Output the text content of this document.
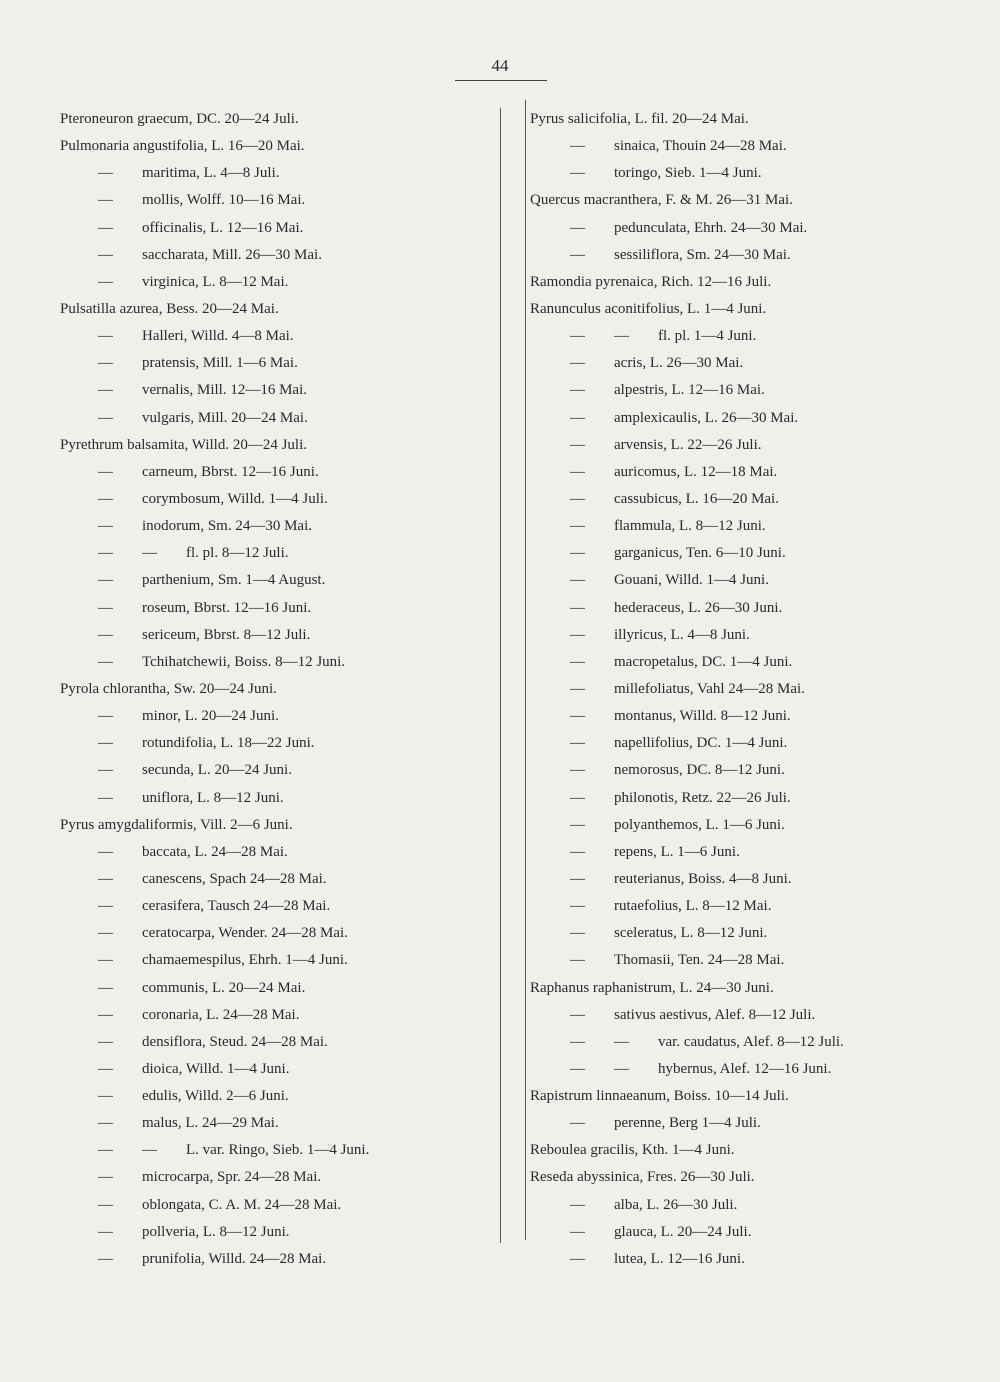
44
Pteroneuron graecum, DC. 20—24 Juli.
Pulmonaria angustifolia, L. 16—20 Mai.
—
maritima, L. 4—8 Juli.
—
mollis, Wolff. 10—16 Mai.
—
officinalis, L. 12—16 Mai.
—
saccharata, Mill. 26—30 Mai.
—
virginica, L. 8—12 Mai.
Pulsatilla azurea, Bess. 20—24 Mai.
—
Halleri, Willd. 4—8 Mai.
—
pratensis, Mill. 1—6 Mai.
—
vernalis, Mill. 12—16 Mai.
—
vulgaris, Mill. 20—24 Mai.
Pyrethrum balsamita, Willd. 20—24 Juli.
—
carneum, Bbrst. 12—16 Juni.
—
corymbosum, Willd. 1—4 Juli.
—
inodorum, Sm. 24—30 Mai.
—
—
fl. pl. 8—12 Juli.
—
parthenium, Sm. 1—4 August.
—
roseum, Bbrst. 12—16 Juni.
—
sericeum, Bbrst. 8—12 Juli.
—
Tchihatchewii, Boiss. 8—12 Juni.
Pyrola chlorantha, Sw. 20—24 Juni.
—
minor, L. 20—24 Juni.
—
rotundifolia, L. 18—22 Juni.
—
secunda, L. 20—24 Juni.
—
uniflora, L. 8—12 Juni.
Pyrus amygdaliformis, Vill. 2—6 Juni.
—
baccata, L. 24—28 Mai.
—
canescens, Spach 24—28 Mai.
—
cerasifera, Tausch 24—28 Mai.
—
ceratocarpa, Wender. 24—28 Mai.
—
chamaemespilus, Ehrh. 1—4 Juni.
—
communis, L. 20—24 Mai.
—
coronaria, L. 24—28 Mai.
—
densiflora, Steud. 24—28 Mai.
—
dioica, Willd. 1—4 Juni.
—
edulis, Willd. 2—6 Juni.
—
malus, L. 24—29 Mai.
—
—
L. var. Ringo, Sieb. 1—4 Juni.
—
microcarpa, Spr. 24—28 Mai.
—
oblongata, C. A. M. 24—28 Mai.
—
pollveria, L. 8—12 Juni.
—
prunifolia, Willd. 24—28 Mai.
Pyrus salicifolia, L. fil. 20—24 Mai.
—
sinaica, Thouin 24—28 Mai.
—
toringo, Sieb. 1—4 Juni.
Quercus macranthera, F. & M. 26—31 Mai.
—
pedunculata, Ehrh. 24—30 Mai.
—
sessiliflora, Sm. 24—30 Mai.
Ramondia pyrenaica, Rich. 12—16 Juli.
Ranunculus aconitifolius, L. 1—4 Juni.
—
—
fl. pl. 1—4 Juni.
—
acris, L. 26—30 Mai.
—
alpestris, L. 12—16 Mai.
—
amplexicaulis, L. 26—30 Mai.
—
arvensis, L. 22—26 Juli.
—
auricomus, L. 12—18 Mai.
—
cassubicus, L. 16—20 Mai.
—
flammula, L. 8—12 Juni.
—
garganicus, Ten. 6—10 Juni.
—
Gouani, Willd. 1—4 Juni.
—
hederaceus, L. 26—30 Juni.
—
illyricus, L. 4—8 Juni.
—
macropetalus, DC. 1—4 Juni.
—
millefoliatus, Vahl 24—28 Mai.
—
montanus, Willd. 8—12 Juni.
—
napellifolius, DC. 1—4 Juni.
—
nemorosus, DC. 8—12 Juni.
—
philonotis, Retz. 22—26 Juli.
—
polyanthemos, L. 1—6 Juni.
—
repens, L. 1—6 Juni.
—
reuterianus, Boiss. 4—8 Juni.
—
rutaefolius, L. 8—12 Mai.
—
sceleratus, L. 8—12 Juni.
—
Thomasii, Ten. 24—28 Mai.
Raphanus raphanistrum, L. 24—30 Juni.
—
sativus aestivus, Alef. 8—12 Juli.
—
—
var. caudatus, Alef. 8—12 Juli.
—
—
hybernus, Alef. 12—16 Juni.
Rapistrum linnaeanum, Boiss. 10—14 Juli.
—
perenne, Berg 1—4 Juli.
Reboulea gracilis, Kth. 1—4 Juni.
Reseda abyssinica, Fres. 26—30 Juli.
—
alba, L. 26—30 Juli.
—
glauca, L. 20—24 Juli.
—
lutea, L. 12—16 Juni.
